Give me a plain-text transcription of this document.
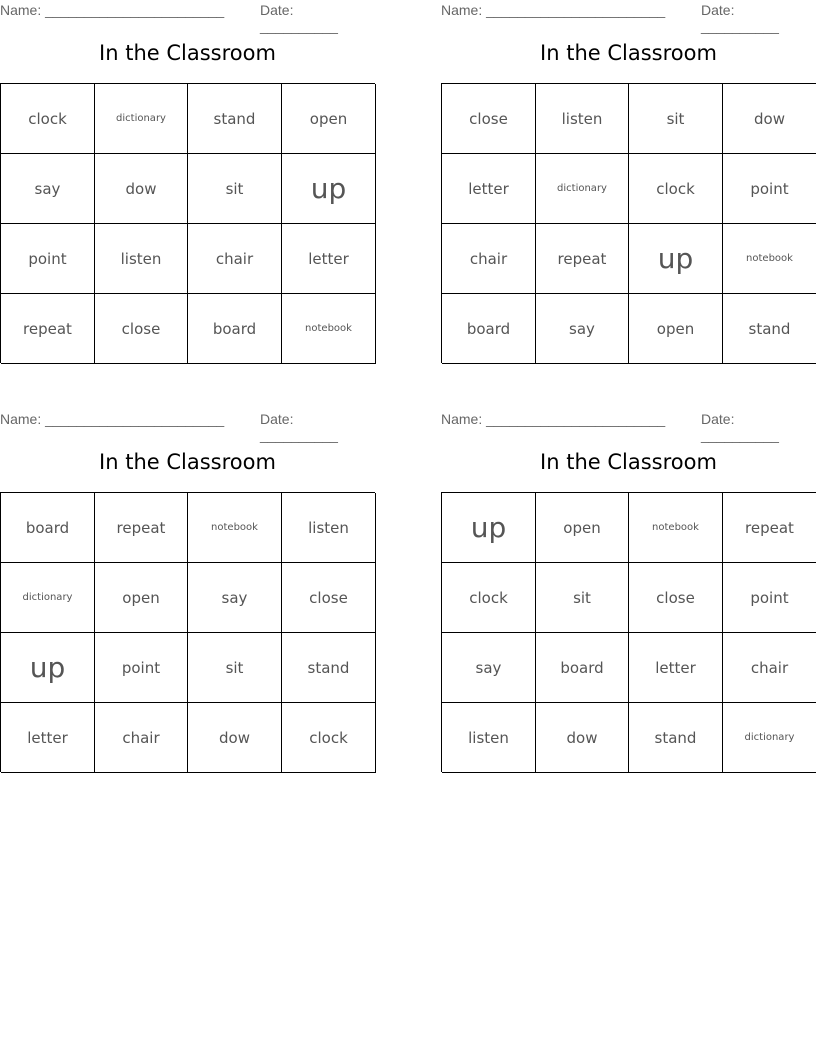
Name: _______________________	Date: __________
In the Classroom
clock	dictionary	stand	open
say	dow	sit	up
point	listen	chair	letter
repeat	close	board	notebook
Name: _______________________	Date: __________
In the Classroom
close	listen	sit	dow
letter	dictionary	clock	point
chair	repeat	up	notebook
board	say	open	stand
Name: _______________________	Date: __________
In the Classroom
board	repeat	notebook	listen
dictionary	open	say	close
up	point	sit	stand
letter	chair	dow	clock
Name: _______________________	Date: __________
In the Classroom
up	open	notebook	repeat
clock	sit	close	point
say	board	letter	chair
listen	dow	stand	dictionary
